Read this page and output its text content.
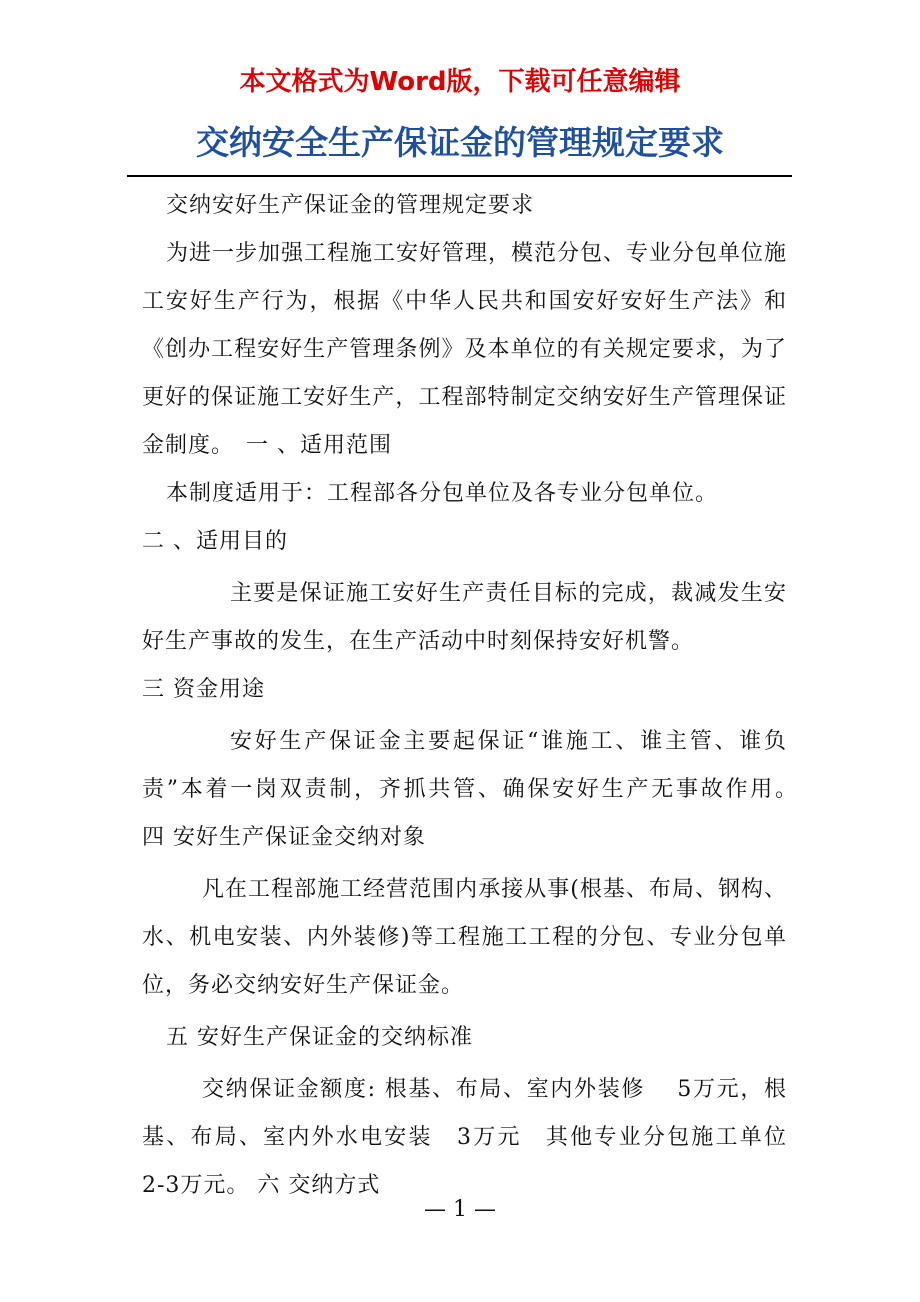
本文格式为Word版，下载可任意编辑
交纳安全生产保证金的管理规定要求

交纳安好生产保证金的管理规定要求

为进一步加强工程施工安好管理，模范分包、专业分包单位施工安好生产行为，根据《中华人民共和国安好安好生产法》和《创办工程安好生产管理条例》及本单位的有关规定要求，为了更好的保证施工安好生产，工程部特制定交纳安好生产管理保证金制度。　一 、适用范围

本制度适用于：工程部各分包单位及各专业分包单位。

二 、适用目的

主要是保证施工安好生产责任目标的完成，裁减发生安好生产事故的发生，在生产活动中时刻保持安好机警。

三 资金用途

安好生产保证金主要起保证“谁施工、谁主管、谁负责”本着一岗双责制，齐抓共管、确保安好生产无事故作用。　四 安好生产保证金交纳对象

凡在工程部施工经营范围内承接从事(根基、布局、钢构、水、机电安装、内外装修)等工程施工工程的分包、专业分包单位，务必交纳安好生产保证金。

五 安好生产保证金的交纳标准

交纳保证金额度: 根基、布局、室内外装修　 5万元，根基、布局、室内外水电安装　3万元　其他专业分包施工单位　2-3万元。 六 交纳方式

— 1 —
